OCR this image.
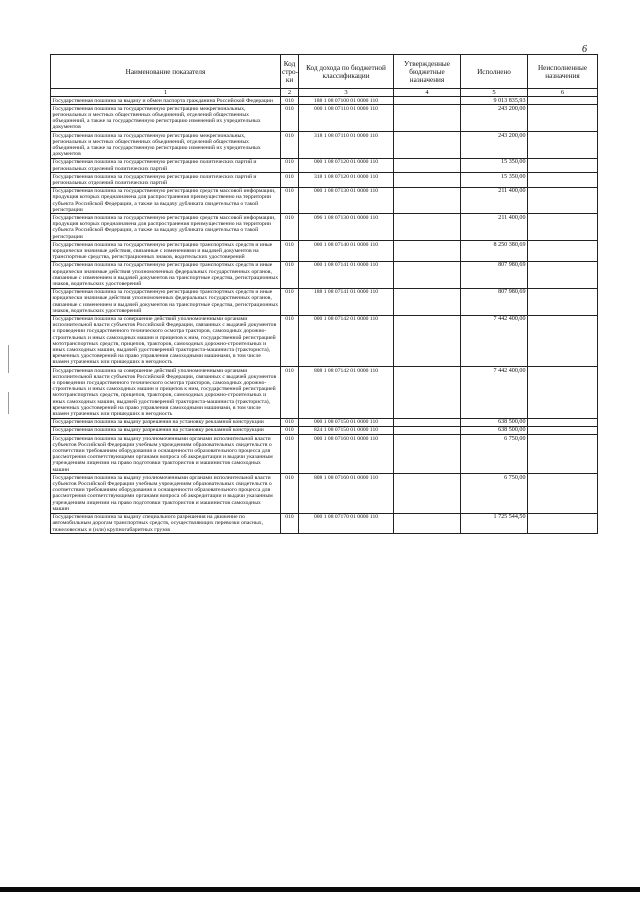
6
Наименование показателя	Код стро-ки	Код дохода по бюджетной классификации	Утвержденные бюджетные назначения	Исполнено	Неисполненные назначения
1	2	3	4	5	6
Государственная пошлина за выдачу и обмен паспорта гражданина Российской Федерации	010	188 1 08 07100 01 0000 110		9 013 835,93	
Государственная пошлина за государственную регистрацию межрегиональных, региональных и местных общественных объединений, отделений общественных объединений, а также за государственную регистрацию изменений их учредительных документов	010	000 1 08 07110 01 0000 110		243 200,00	
Государственная пошлина за государственную регистрацию межрегиональных, региональных и местных общественных объединений, отделений общественных объединений, а также за государственную регистрацию изменений их учредительных документов	010	318 1 08 07110 01 0000 110		243 200,00	
Государственная пошлина за государственную регистрацию политических партий и региональных отделений политических партий	010	000 1 08 07120 01 0000 110		15 350,00	
Государственная пошлина за государственную регистрацию политических партий и региональных отделений политических партий	010	318 1 08 07120 01 0000 110		15 350,00	
Государственная пошлина за государственную регистрацию средств массовой информации, продукция которых предназначена для распространения преимущественно на территории субъекта Российской Федерации, а также за выдачу дубликата свидетельства о такой регистрации	010	000 1 08 07130 01 0000 110		211 400,00	
Государственная пошлина за государственную регистрацию средств массовой информации, продукция которых предназначена для распространения преимущественно на территории субъекта Российской Федерации, а также за выдачу дубликата свидетельства о такой регистрации	010	096 1 08 07130 01 0000 110		211 400,00	
Государственная пошлина за государственную регистрацию транспортных средств и иные юридически значимые действия, связанные с изменениями и выдачей документов на транспортные средства, регистрационных знаков, водительских удостоверений	010	000 1 08 07140 01 0000 110		8 250 380,69	
Государственная пошлина за государственную регистрацию транспортных средств и иные юридически значимые действия уполномоченных федеральных государственных органов, связанные с изменением и выдачей документов на транспортные средства, регистрационных знаков, водительских удостоверений	010	000 1 08 07141 01 0000 110		807 980,69	
Государственная пошлина за государственную регистрацию транспортных средств и иные юридически значимые действия уполномоченных федеральных государственных органов, связанные с изменением и выдачей документов на транспортные средства, регистрационных знаков, водительских удостоверений	010	188 1 08 07141 01 0000 110		807 980,69	
Государственная пошлина за совершение действий уполномоченными органами исполнительной власти субъектов Российской Федерации, связанных с выдачей документов о проведении государственного технического осмотра тракторов, самоходных дорожно-строительных и иных самоходных машин и прицепов к ним, государственной регистрацией мототранспортных средств, прицепов, тракторов, самоходных дорожно-строительных и иных самоходных машин, выдачей удостоверений тракториста-машиниста (тракториста), временных удостоверений на право управления самоходными машинами, в том числе взамен утраченных или пришедших в негодность	010	000 1 08 07142 01 0000 110		7 442 400,00	
Государственная пошлина за совершение действий уполномоченными органами исполнительной власти субъектов Российской Федерации, связанных с выдачей документов о проведении государственного технического осмотра тракторов, самоходных дорожно-строительных и иных самоходных машин и прицепов к ним, государственной регистрацией мототранспортных средств, прицепов, тракторов, самоходных дорожно-строительных и иных самоходных машин, выдачей удостоверений тракториста-машиниста (тракториста), временных удостоверений на право управления самоходными машинами, в том числе взамен утраченных или пришедших в негодность	010	808 1 08 07142 01 0000 110		7 442 400,00	
Государственная пошлина за выдачу разрешения на установку рекламной конструкции	010	000 1 08 07150 01 0000 110		638 500,00	
Государственная пошлина за выдачу разрешения на установку рекламной конструкции	010	824 1 08 07150 01 0000 110		638 500,00	
Государственная пошлина за выдачу уполномоченными органами исполнительной власти субъектов Российской Федерации учебным учреждениям образовательных свидетельств о соответствии требованиям оборудования и оснащенности образовательного процесса для рассмотрения соответствующими органами вопроса об аккредитации и выдачи указанным учреждениям лицензии на право подготовки трактористов и машинистов самоходных машин	010	000 1 08 07160 01 0000 110		6 750,00	
Государственная пошлина за выдачу уполномоченными органами исполнительной власти субъектов Российской Федерации учебным учреждениям образовательных свидетельств о соответствии требованиям оборудования и оснащенности образовательного процесса для рассмотрения соответствующими органами вопроса об аккредитации и выдачи указанным учреждениям лицензии на право подготовки трактористов и машинистов самоходных машин	010	808 1 08 07160 01 0000 110		6 750,00	
Государственная пошлина за выдачу специального разрешения на движение по автомобильным дорогам транспортных средств, осуществляющих перевозки опасных, тяжеловесных и (или) крупногабаритных грузов	010	000 1 08 07170 01 0000 110		1 725 544,50	
